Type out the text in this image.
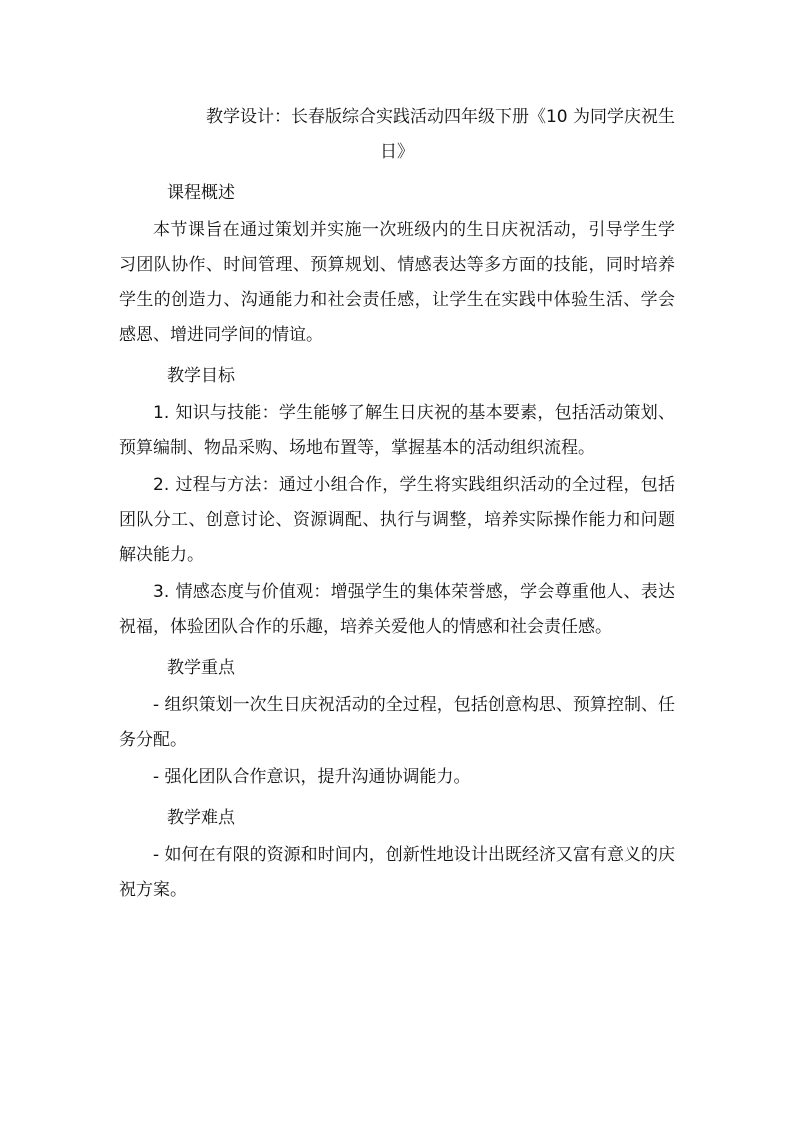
教学设计：长春版综合实践活动四年级下册《10 为同学庆祝生
日》
课程概述

本节课旨在通过策划并实施一次班级内的生日庆祝活动，引导学生学习团队协作、时间管理、预算规划、情感表达等多方面的技能，同时培养学生的创造力、沟通能力和社会责任感，让学生在实践中体验生活、学会感恩、增进同学间的情谊。

教学目标

1. 知识与技能：学生能够了解生日庆祝的基本要素，包括活动策划、预算编制、物品采购、场地布置等，掌握基本的活动组织流程。

2. 过程与方法：通过小组合作，学生将实践组织活动的全过程，包括团队分工、创意讨论、资源调配、执行与调整，培养实际操作能力和问题解决能力。

3. 情感态度与价值观：增强学生的集体荣誉感，学会尊重他人、表达祝福，体验团队合作的乐趣，培养关爱他人的情感和社会责任感。

教学重点

- 组织策划一次生日庆祝活动的全过程，包括创意构思、预算控制、任务分配。

- 强化团队合作意识，提升沟通协调能力。

教学难点

- 如何在有限的资源和时间内，创新性地设计出既经济又富有意义的庆祝方案。
